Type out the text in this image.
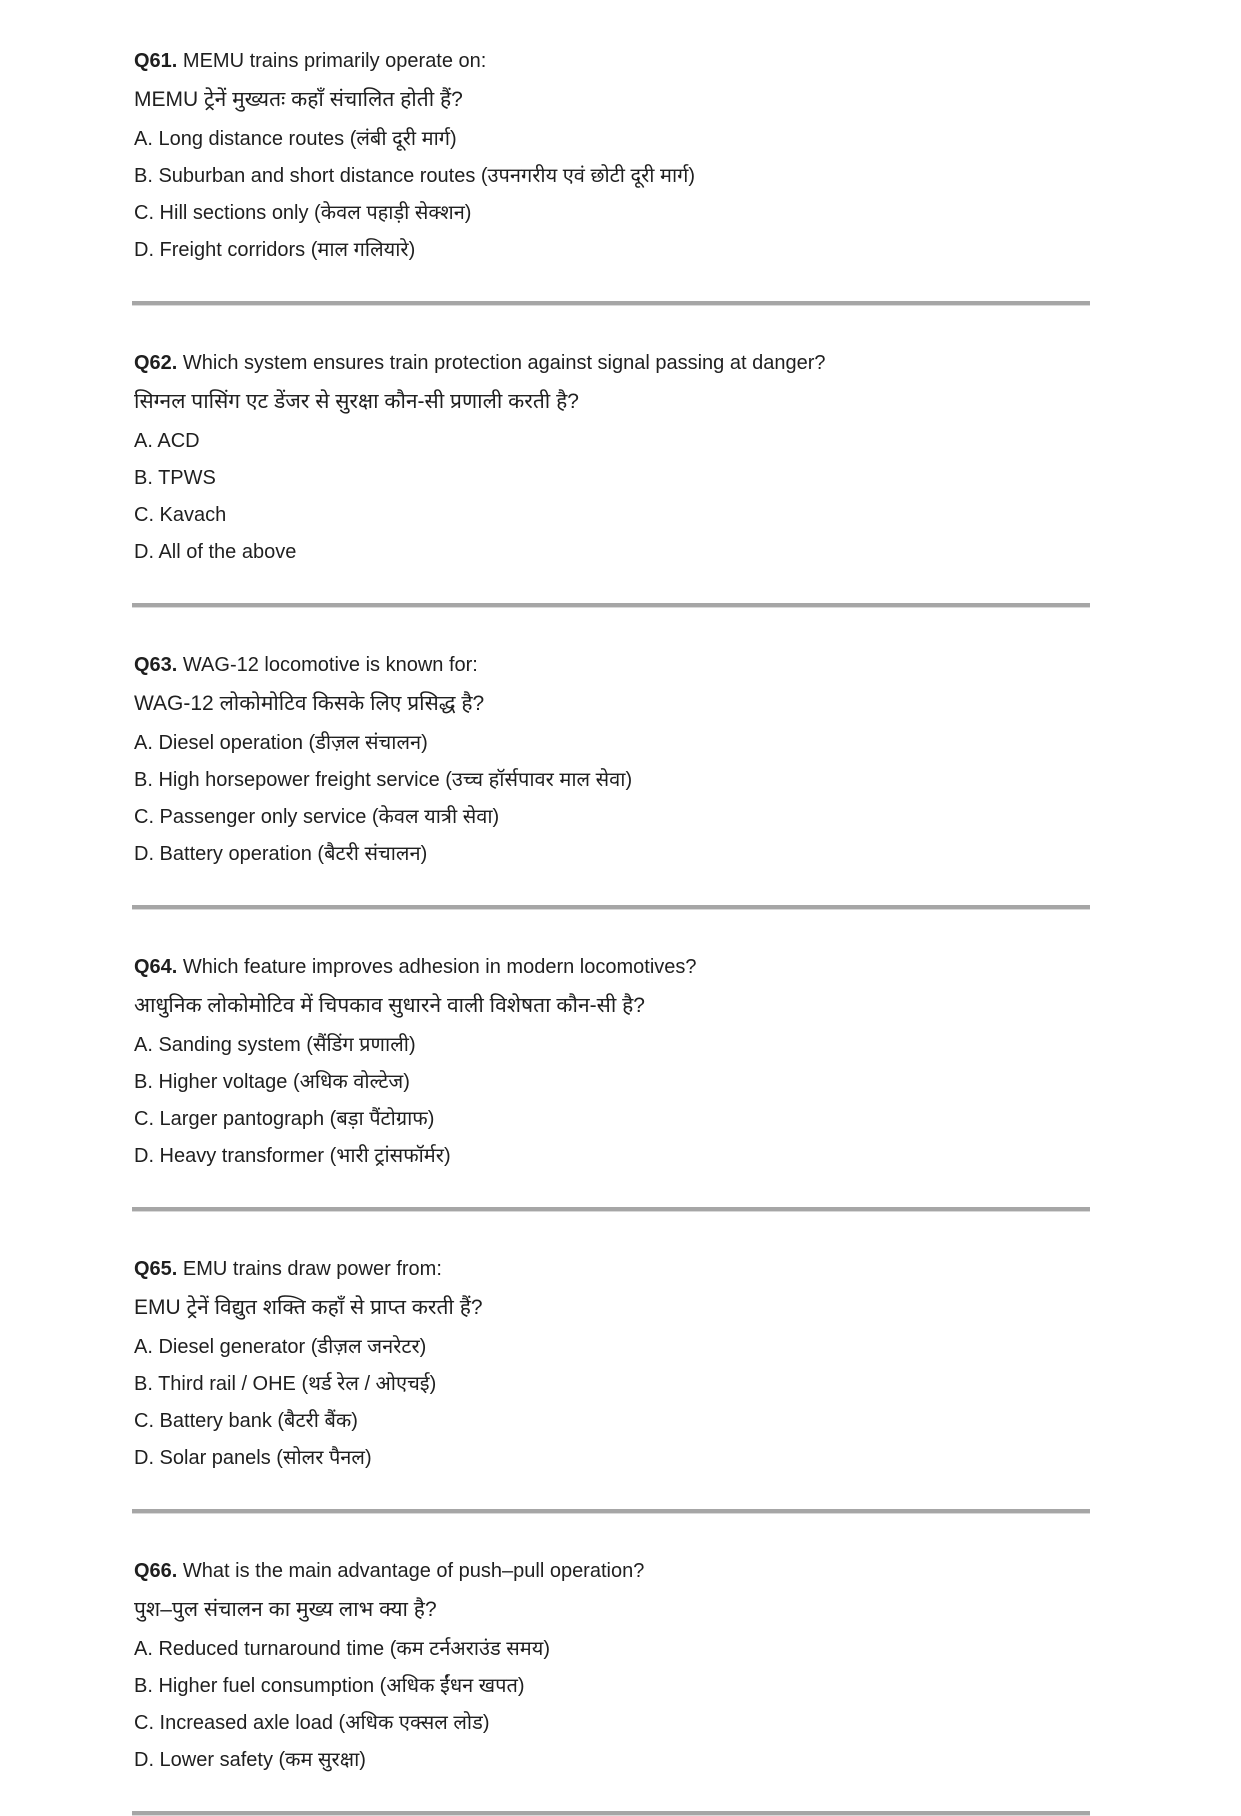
Q61. MEMU trains primarily operate on:

MEMU ट्रेनें मुख्यतः कहाँ संचालित होती हैं?

A. Long distance routes (लंबी दूरी मार्ग)

B. Suburban and short distance routes (उपनगरीय एवं छोटी दूरी मार्ग)

C. Hill sections only (केवल पहाड़ी सेक्शन)

D. Freight corridors (माल गलियारे)

Q62. Which system ensures train protection against signal passing at danger?

सिग्नल पासिंग एट डेंजर से सुरक्षा कौन-सी प्रणाली करती है?

A. ACD

B. TPWS

C. Kavach

D. All of the above

Q63. WAG-12 locomotive is known for:

WAG-12 लोकोमोटिव किसके लिए प्रसिद्ध है?

A. Diesel operation (डीज़ल संचालन)

B. High horsepower freight service (उच्च हॉर्सपावर माल सेवा)

C. Passenger only service (केवल यात्री सेवा)

D. Battery operation (बैटरी संचालन)

Q64. Which feature improves adhesion in modern locomotives?

आधुनिक लोकोमोटिव में चिपकाव सुधारने वाली विशेषता कौन-सी है?

A. Sanding system (सैंडिंग प्रणाली)

B. Higher voltage (अधिक वोल्टेज)

C. Larger pantograph (बड़ा पैंटोग्राफ)

D. Heavy transformer (भारी ट्रांसफॉर्मर)

Q65. EMU trains draw power from:

EMU ट्रेनें विद्युत शक्ति कहाँ से प्राप्त करती हैं?

A. Diesel generator (डीज़ल जनरेटर)

B. Third rail / OHE (थर्ड रेल / ओएचई)

C. Battery bank (बैटरी बैंक)

D. Solar panels (सोलर पैनल)

Q66. What is the main advantage of push–pull operation?

पुश–पुल संचालन का मुख्य लाभ क्या है?

A. Reduced turnaround time (कम टर्नअराउंड समय)

B. Higher fuel consumption (अधिक ईंधन खपत)

C. Increased axle load (अधिक एक्सल लोड)

D. Lower safety (कम सुरक्षा)
